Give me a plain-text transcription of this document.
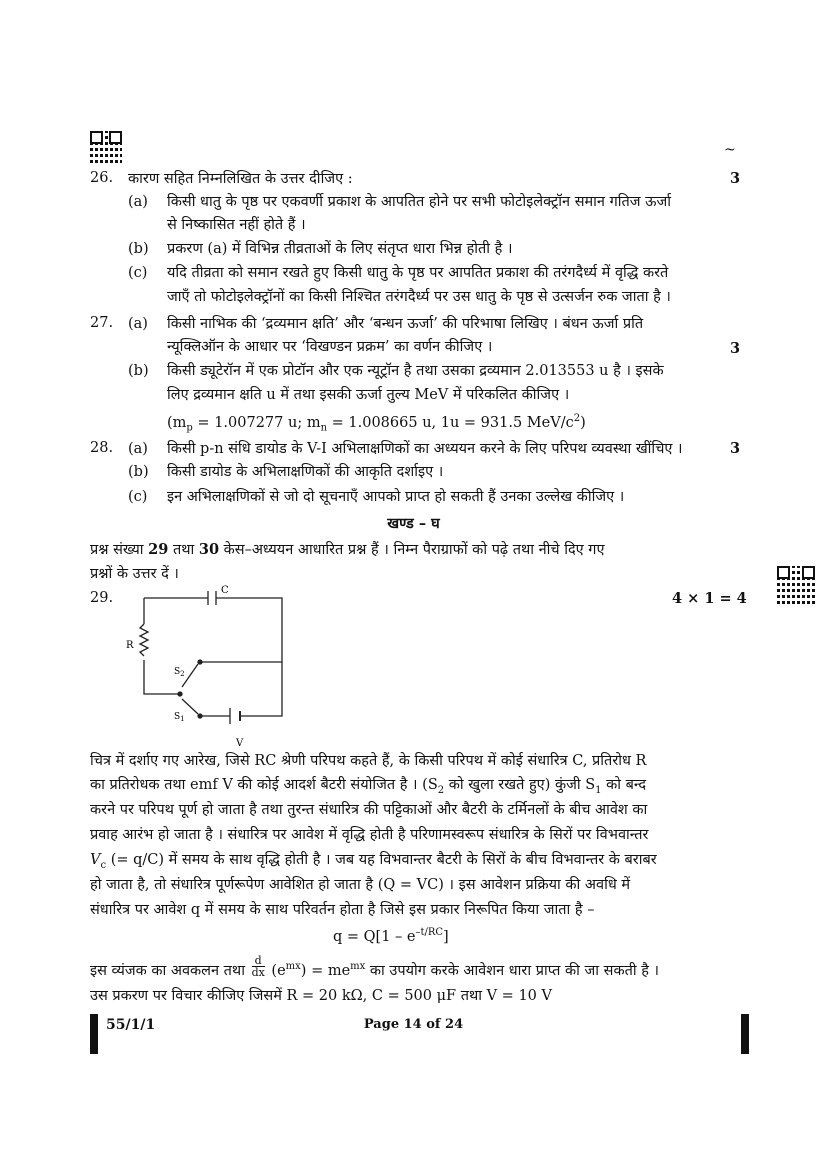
~
26. कारण सहित निम्नलिखित के उत्तर दीजिए :	3
(a) किसी धातु के पृष्ठ पर एकवर्णी प्रकाश के आपतित होने पर सभी फोटोइलेक्ट्रॉन समान गतिज ऊर्जा
से निष्कासित नहीं होते हैं ।
(b) प्रकरण (a) में विभिन्न तीव्रताओं के लिए संतृप्त धारा भिन्न होती है ।
(c) यदि तीव्रता को समान रखते हुए किसी धातु के पृष्ठ पर आपतित प्रकाश की तरंगदैर्ध्य में वृद्धि करते
जाएँ तो फोटोइलेक्ट्रॉनों का किसी निश्चित तरंगदैर्ध्य पर उस धातु के पृष्ठ से उत्सर्जन रुक जाता है ।
27. (a) किसी नाभिक की ‘द्रव्यमान क्षति’ और ‘बन्धन ऊर्जा’ की परिभाषा लिखिए । बंधन ऊर्जा प्रति
न्यूक्लिऑन के आधार पर ‘विखण्डन प्रक्रम’ का वर्णन कीजिए ।	3
(b) किसी ड्यूटेरॉन में एक प्रोटॉन और एक न्यूट्रॉन है तथा उसका द्रव्यमान 2.013553 u है । इसके
लिए द्रव्यमान क्षति u में तथा इसकी ऊर्जा तुल्य MeV में परिकलित कीजिए ।
($m_p = 1.007277$ u; $m_n = 1.008665$ u, 1u = 931.5 MeV/$c^2$)
28. (a) किसी p-n संधि डायोड के V-I अभिलाक्षणिकों का अध्ययन करने के लिए परिपथ व्यवस्था खींचिए ।	3
(b) किसी डायोड के अभिलाक्षणिकों की आकृति दर्शाइए ।
(c) इन अभिलाक्षणिकों से जो दो सूचनाएँ आपको प्राप्त हो सकती हैं उनका उल्लेख कीजिए ।
खण्ड – घ
प्रश्न संख्या 29 तथा 30 केस–अध्ययन आधारित प्रश्न हैं । निम्न पैराग्राफों को पढ़े तथा नीचे दिए गए
प्रश्नों के उत्तर दें ।
29.	4 × 1 = 4
C
R
$S_2$
$S_1$
V
चित्र में दर्शाए गए आरेख, जिसे RC श्रेणी परिपथ कहते हैं, के किसी परिपथ में कोई संधारित्र C, प्रतिरोध R
का प्रतिरोधक तथा emf V की कोई आदर्श बैटरी संयोजित है । ($S_2$ को खुला रखते हुए) कुंजी $S_1$ को बन्द
करने पर परिपथ पूर्ण हो जाता है तथा तुरन्त संधारित्र की पट्टिकाओं और बैटरी के टर्मिनलों के बीच आवेश का
प्रवाह आरंभ हो जाता है । संधारित्र पर आवेश में वृद्धि होती है परिणामस्वरूप संधारित्र के सिरों पर विभवान्तर
$V_c$ (= q/C) में समय के साथ वृद्धि होती है । जब यह विभवान्तर बैटरी के सिरों के बीच विभवान्तर के बराबर
हो जाता है, तो संधारित्र पूर्णरूपेण आवेशित हो जाता है (Q = VC) । इस आवेशन प्रक्रिया की अवधि में
संधारित्र पर आवेश q में समय के साथ परिवर्तन होता है जिसे इस प्रकार निरूपित किया जाता है –
$q = Q[1 - e^{-t/RC}]$
इस व्यंजक का अवकलन तथा $\frac{d}{dx} (e^{mx}) = me^{mx}$ का उपयोग करके आवेशन धारा प्राप्त की जा सकती है ।
उस प्रकरण पर विचार कीजिए जिसमें R = 20 kΩ, C = 500 μF तथा V = 10 V
55/1/1	Page 14 of 24
